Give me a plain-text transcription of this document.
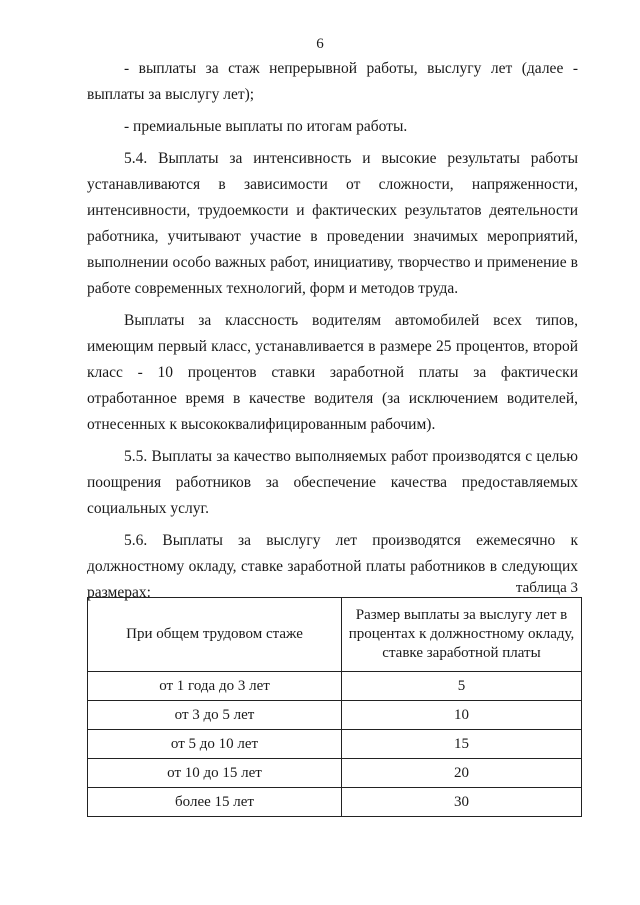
6

- выплаты за стаж непрерывной работы, выслугу лет (далее - выплаты за выслугу лет);

- премиальные выплаты по итогам работы.

5.4. Выплаты за интенсивность и высокие результаты работы устанавливаются в зависимости от сложности, напряженности, интенсивности, трудоемкости и фактических результатов деятельности работника, учитывают участие в проведении значимых мероприятий, выполнении особо важных работ, инициативу, творчество и применение в работе современных технологий, форм и методов труда.

Выплаты за классность водителям автомобилей всех типов, имеющим первый класс, устанавливается в размере 25 процентов, второй класс - 10 процентов ставки заработной платы за фактически отработанное время в качестве водителя (за исключением водителей, отнесенных к высококвалифицированным рабочим).

5.5. Выплаты за качество выполняемых работ производятся с целью поощрения работников за обеспечение качества предоставляемых социальных услуг.

5.6. Выплаты за выслугу лет производятся ежемесячно к должностному окладу, ставке заработной платы работников в следующих размерах:	таблица 3
При общем трудовом стаже	Размер выплаты за выслугу лет в процентах к должностному окладу, ставке заработной платы
от 1 года до 3 лет	5
от 3 до 5 лет	10
от 5 до 10 лет	15
от 10 до 15 лет	20
более 15 лет	30
